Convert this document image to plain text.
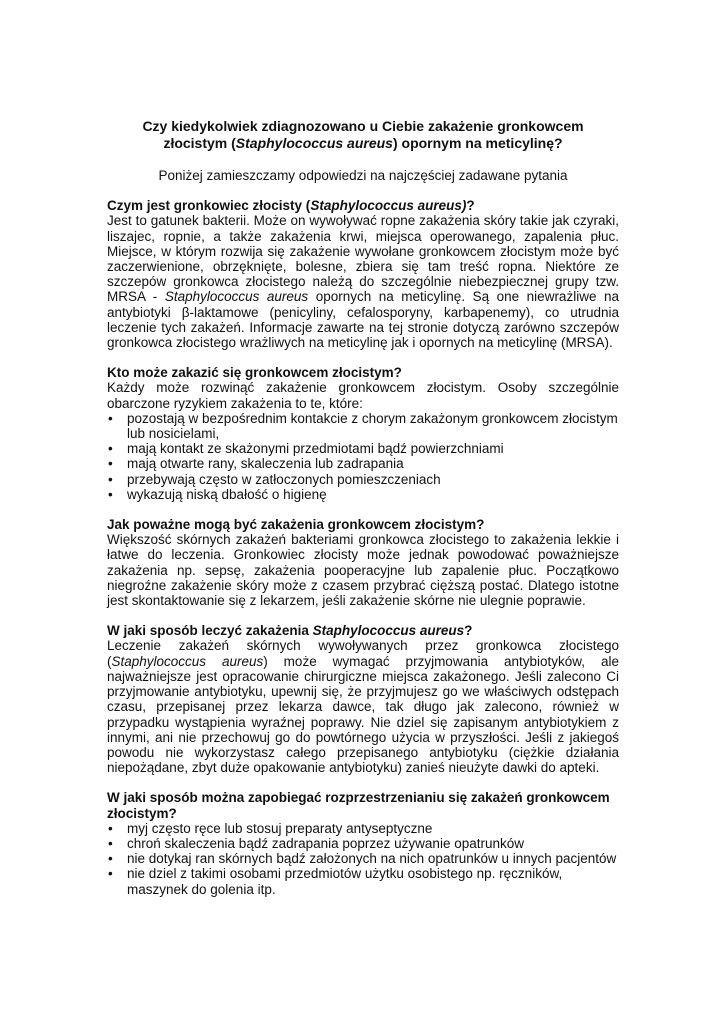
Czy kiedykolwiek zdiagnozowano u Ciebie zakażenie gronkowcem
złocistym (Staphylococcus aureus) opornym na meticylinę?

Poniżej zamieszczamy odpowiedzi na najczęściej zadawane pytania

Czym jest gronkowiec złocisty (Staphylococcus aureus)?

Jest to gatunek bakterii. Może on wywoływać ropne zakażenia skóry takie jak czyraki, liszajec, ropnie, a także zakażenia krwi, miejsca operowanego, zapalenia płuc. Miejsce, w którym rozwija się zakażenie wywołane gronkowcem złocistym może być zaczerwienione, obrzęknięte, bolesne, zbiera się tam treść ropna. Niektóre ze szczepów gronkowca złocistego należą do szczególnie niebezpiecznej grupy tzw. MRSA - Staphylococcus aureus opornych na meticylinę. Są one niewrażliwe na antybiotyki β-laktamowe (penicyliny, cefalosporyny, karbapenemy), co utrudnia leczenie tych zakażeń. Informacje zawarte na tej stronie dotyczą zarówno szczepów gronkowca złocistego wrażliwych na meticylinę jak i opornych na meticylinę (MRSA).

Kto może zakazić się gronkowcem złocistym?

Każdy może rozwinąć zakażenie gronkowcem złocistym. Osoby szczególnie obarczone ryzykiem zakażenia to te, które:

• pozostają w bezpośrednim kontakcie z chorym zakażonym gronkowcem złocistym lub nosicielami,
• mają kontakt ze skażonymi przedmiotami bądź powierzchniami
• mają otwarte rany, skaleczenia lub zadrapania
• przebywają często w zatłoczonych pomieszczeniach
• wykazują niską dbałość o higienę

Jak poważne mogą być zakażenia gronkowcem złocistym?

Większość skórnych zakażeń bakteriami gronkowca złocistego to zakażenia lekkie i łatwe do leczenia. Gronkowiec złocisty może jednak powodować poważniejsze zakażenia np. sepsę, zakażenia pooperacyjne lub zapalenie płuc. Początkowo niegroźne zakażenie skóry może z czasem przybrać cięższą postać. Dlatego istotne jest skontaktowanie się z lekarzem, jeśli zakażenie skórne nie ulegnie poprawie.

W jaki sposób leczyć zakażenia Staphylococcus aureus?

Leczenie zakażeń skórnych wywoływanych przez gronkowca złocistego (Staphylococcus aureus) może wymagać przyjmowania antybiotyków, ale najważniejsze jest opracowanie chirurgiczne miejsca zakażonego. Jeśli zalecono Ci przyjmowanie antybiotyku, upewnij się, że przyjmujesz go we właściwych odstępach czasu, przepisanej przez lekarza dawce, tak długo jak zalecono, również w przypadku wystąpienia wyraźnej poprawy. Nie dziel się zapisanym antybiotykiem z innymi, ani nie przechowuj go do powtórnego użycia w przyszłości. Jeśli z jakiegoś powodu nie wykorzystasz całego przepisanego antybiotyku (ciężkie działania niepożądane, zbyt duże opakowanie antybiotyku) zanieś nieużyte dawki do apteki.

W jaki sposób można zapobiegać rozprzestrzenianiu się zakażeń gronkowcem złocistym?

• myj często ręce lub stosuj preparaty antyseptyczne
• chroń skaleczenia bądź zadrapania poprzez używanie opatrunków
• nie dotykaj ran skórnych bądź założonych na nich opatrunków u innych pacjentów
• nie dziel z takimi osobami przedmiotów użytku osobistego np. ręczników, maszynek do golenia itp.
